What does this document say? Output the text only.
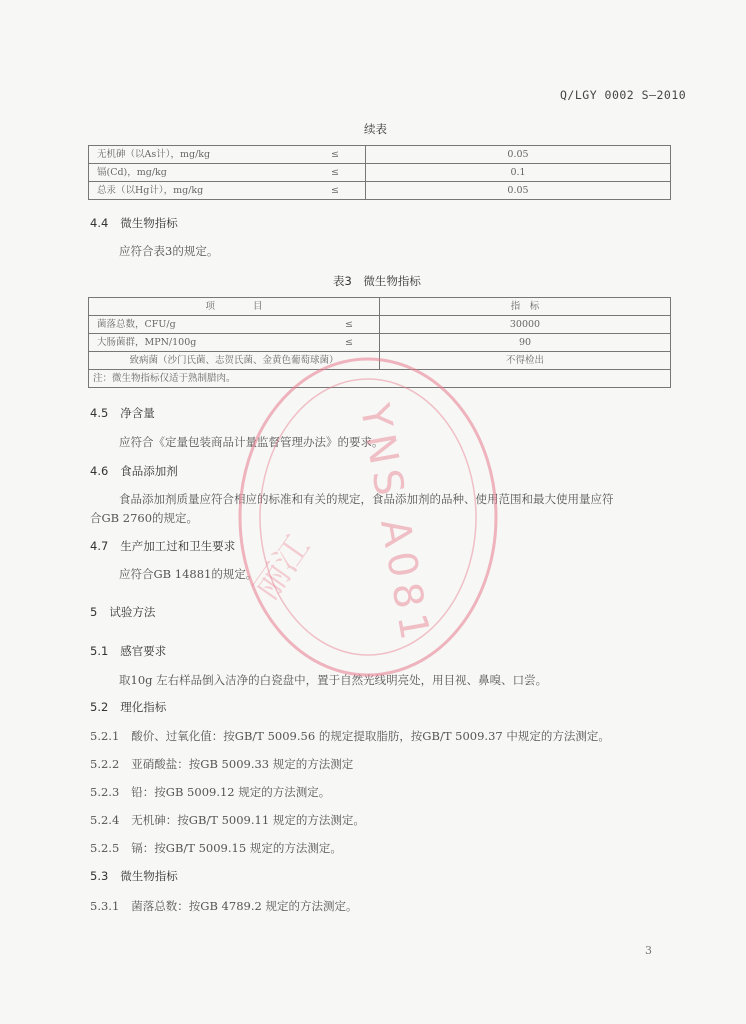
Q/LGY 0002 S—2010
续表
无机砷（以As计），mg/kg	≤	0.05
镉(Cd)，mg/kg	≤	0.1
总汞（以Hg计），mg/kg	≤	0.05
4.4 微生物指标
应符合表3的规定。
表3　微生物指标
项　　　　目		指　标
菌落总数，CFU/g	≤	30000
大肠菌群，MPN/100g	≤	90
致病菌（沙门氏菌、志贺氏菌、金黄色葡萄球菌）		不得检出
注：微生物指标仅适于熟制腊肉。		
4.5 净含量
应符合《定量包装商品计量监督管理办法》的要求。
4.6 食品添加剂
食品添加剂质量应符合相应的标准和有关的规定，食品添加剂的品种、使用范围和最大使用量应符
合GB 2760的规定。
4.7 生产加工过和卫生要求
应符合GB 14881的规定。
5 试验方法
5.1 感官要求
取10g 左右样品倒入洁净的白瓷盘中，置于自然光线明亮处，用目视、鼻嗅、口尝。
5.2 理化指标
5.2.1 酸价、过氧化值：按GB/T 5009.56 的规定提取脂肪，按GB/T 5009.37 中规定的方法测定。
5.2.2 亚硝酸盐：按GB 5009.33 规定的方法测定
5.2.3 铅：按GB 5009.12 规定的方法测定。
5.2.4 无机砷：按GB/T 5009.11 规定的方法测定。
5.2.5 镉：按GB/T 5009.15 规定的方法测定。
5.3 微生物指标
5.3.1 菌落总数：按GB 4789.2 规定的方法测定。
YNS A081
丽江
3
